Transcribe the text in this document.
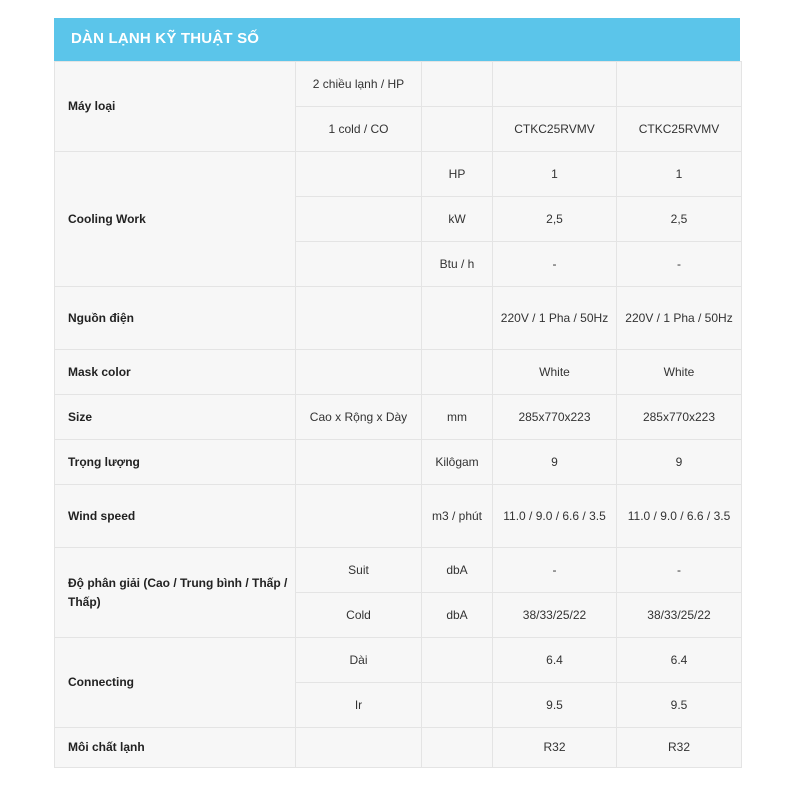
DÀN LẠNH KỸ THUẬT SỐ
Máy loại	2 chiều lạnh / HP			
	1 cold / CO		CTKC25RVMV	CTKC25RVMV
Cooling Work		HP	1	1
		kW	2,5	2,5
		Btu / h	-	-
Nguồn điện			220V / 1 Pha / 50Hz	220V / 1 Pha / 50Hz
Mask color			White	White
Size	Cao x Rộng x Dày	mm	285x770x223	285x770x223
Trọng lượng		Kilôgam	9	9
Wind speed		m3 / phút	11.0 / 9.0 / 6.6 / 3.5	11.0 / 9.0 / 6.6 / 3.5
Độ phân giải (Cao / Trung bình / Thấp / Thấp)	Suit	dbA	-	-
	Cold	dbA	38/33/25/22	38/33/25/22
Connecting	Dài		6.4	6.4
	Ir		9.5	9.5
Môi chất lạnh			R32	R32
